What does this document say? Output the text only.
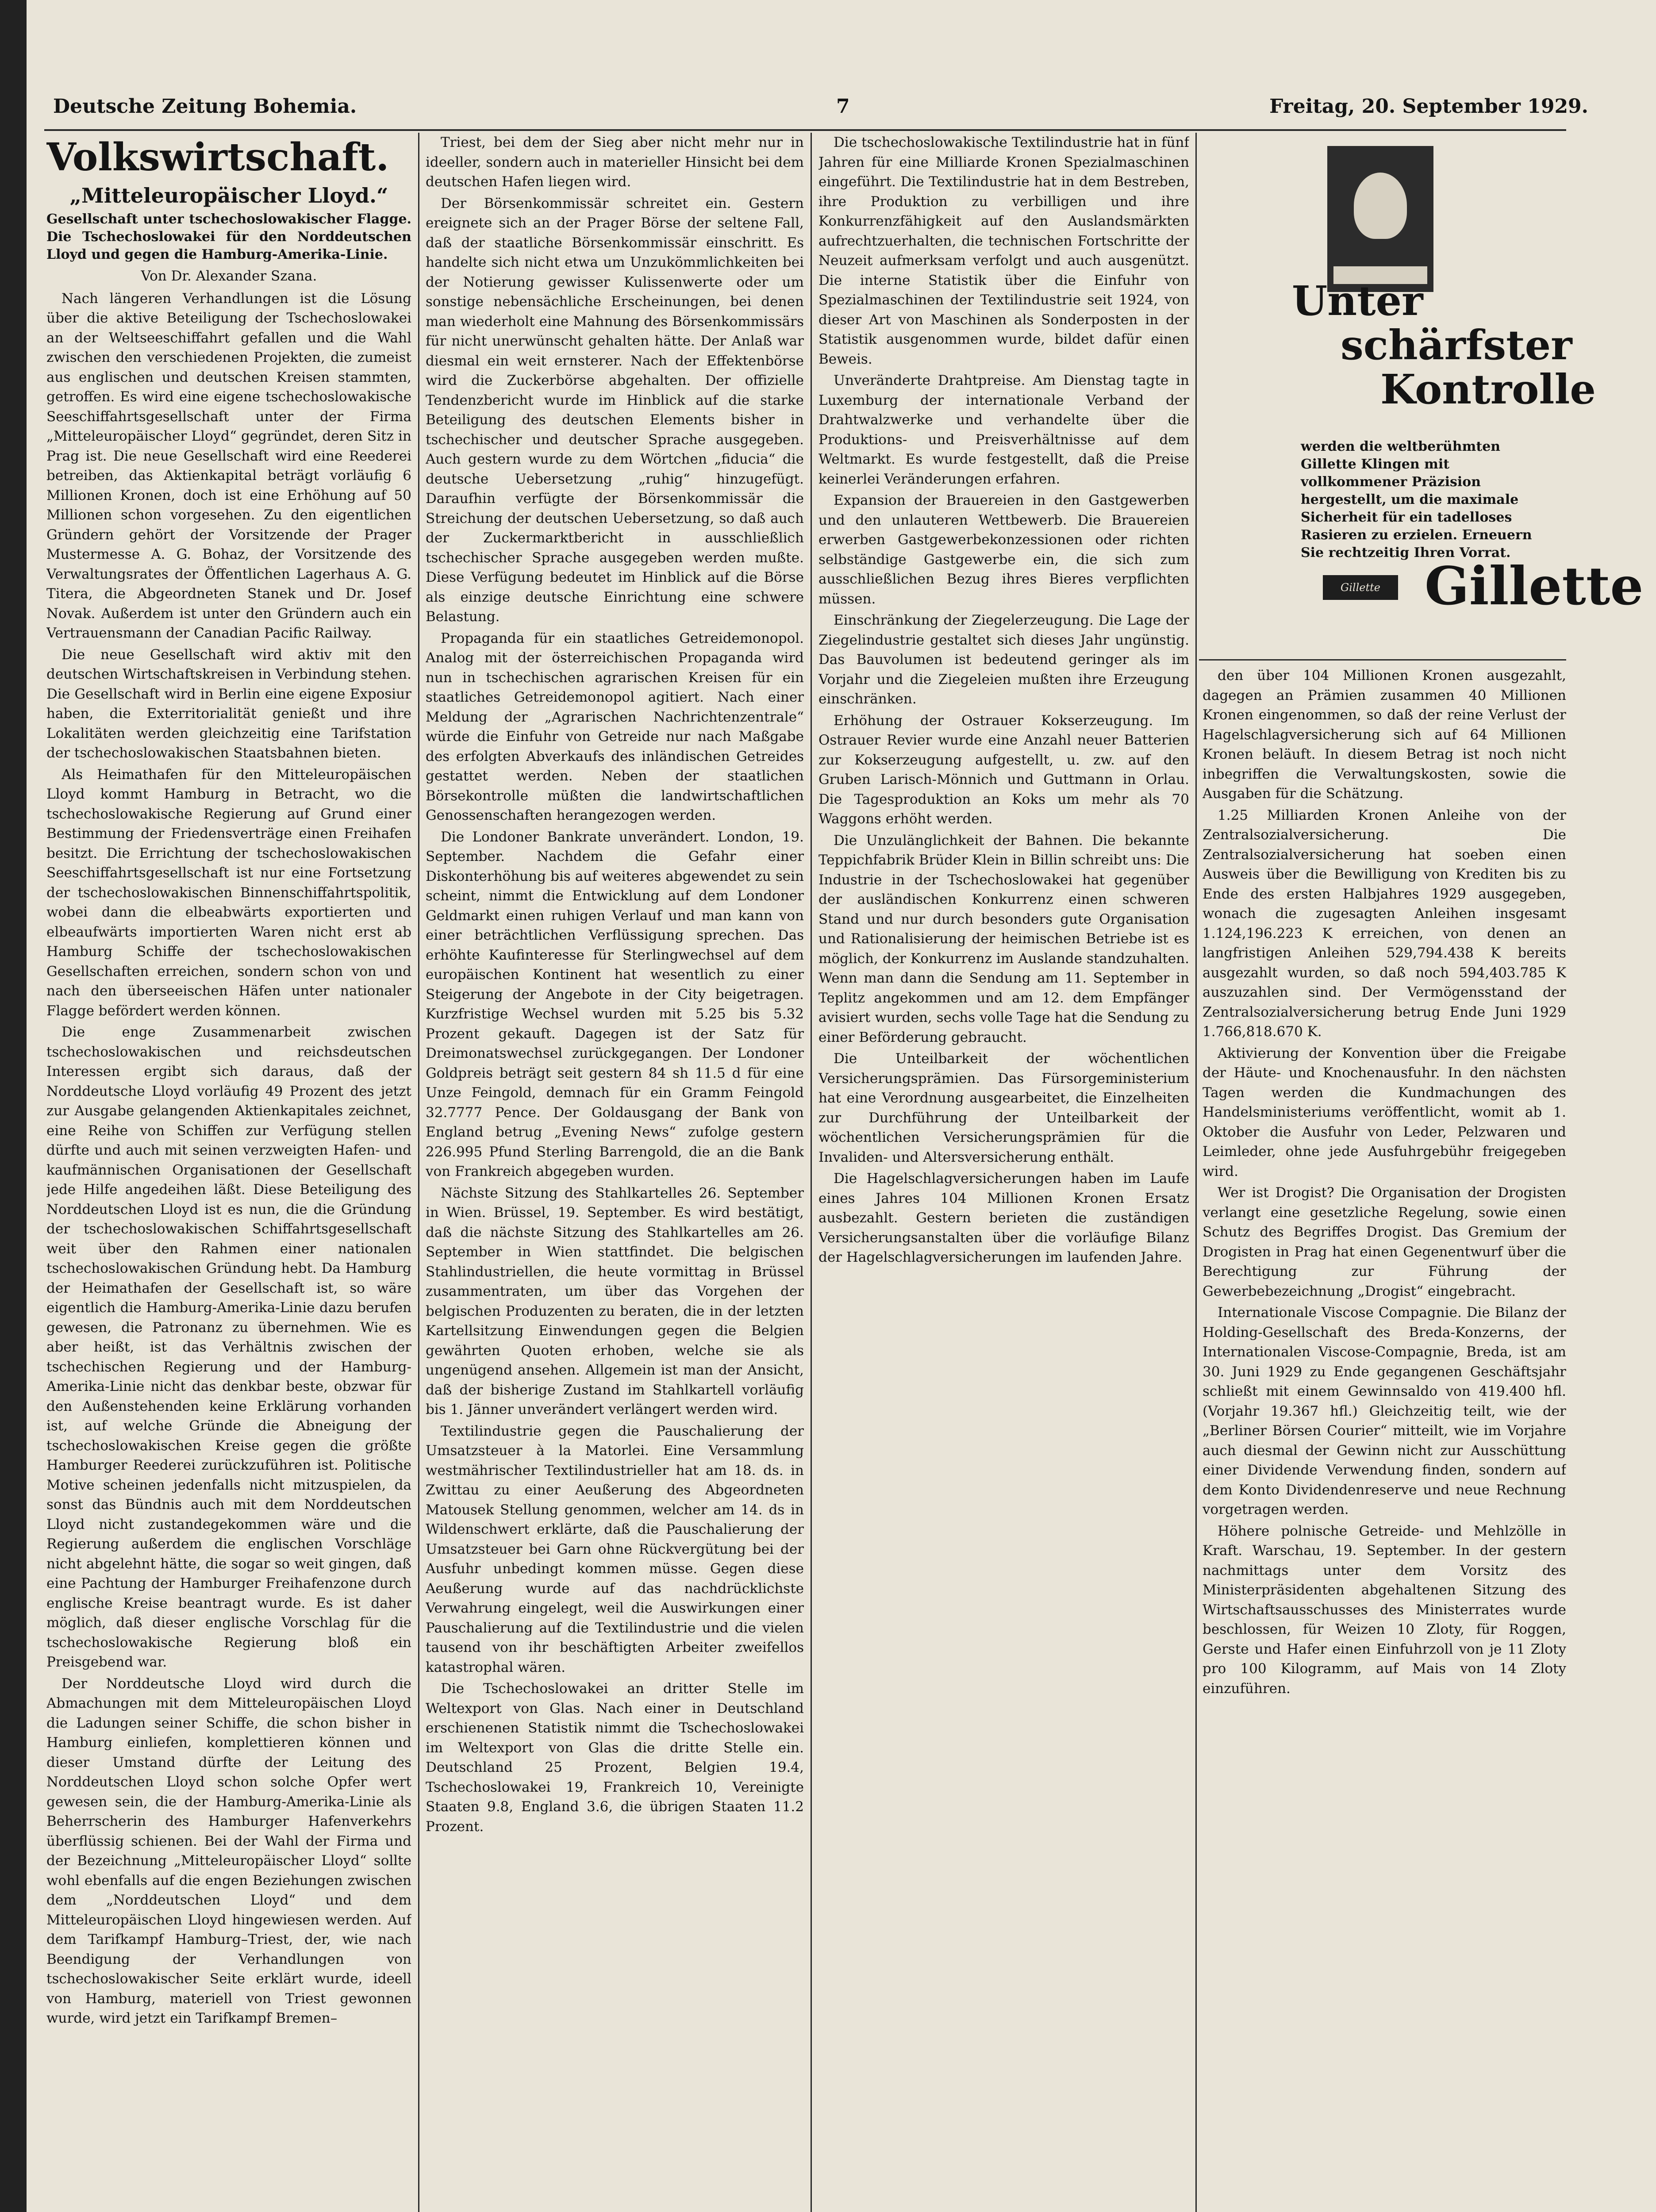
Deutsche Zeitung Bohemia.	7	Freitag, 20. September 1929.
Volkswirtschaft.
„Mitteleuropäischer Lloyd.“
Gesellschaft unter tschechoslowakischer Flagge. Die Tschechoslowakei für den Norddeutschen Lloyd und gegen die Hamburg-Amerika-Linie.
Von Dr. Alexander Szana.

Nach längeren Verhandlungen ist die Lösung über die aktive Beteiligung der Tschechoslowakei an der Weltseeschiffahrt gefallen und die Wahl zwischen den verschiedenen Projekten, die zumeist aus englischen und deutschen Kreisen stammten, getroffen. Es wird eine eigene tschechoslowakische Seeschiffahrtsgesellschaft unter der Firma „Mitteleuropäischer Lloyd“ gegründet, deren Sitz in Prag ist. Die neue Gesellschaft wird eine Reederei betreiben, das Aktienkapital beträgt vorläufig 6 Millionen Kronen, doch ist eine Erhöhung auf 50 Millionen schon vorgesehen. Zu den eigentlichen Gründern gehört der Vorsitzende der Prager Mustermesse A. G. Bohaz, der Vorsitzende des Verwaltungsrates der Öffentlichen Lagerhaus A. G. Titera, die Abgeordneten Stanek und Dr. Josef Novak. Außerdem ist unter den Gründern auch ein Vertrauensmann der Canadian Pacific Railway.

Die neue Gesellschaft wird aktiv mit den deutschen Wirtschaftskreisen in Verbindung stehen. Die Gesellschaft wird in Berlin eine eigene Exposiur haben, die Exterritorialität genießt und ihre Lokalitäten werden gleichzeitig eine Tarifstation der tschechoslowakischen Staatsbahnen bieten.

Als Heimathafen für den Mitteleuropäischen Lloyd kommt Hamburg in Betracht, wo die tschechoslowakische Regierung auf Grund einer Bestimmung der Friedensverträge einen Freihafen besitzt. Die Errichtung der tschechoslowakischen Seeschiffahrtsgesellschaft ist nur eine Fortsetzung der tschechoslowakischen Binnenschiffahrtspolitik, wobei dann die elbeabwärts exportierten und elbeaufwärts importierten Waren nicht erst ab Hamburg Schiffe der tschechoslowakischen Gesellschaften erreichen, sondern schon von und nach den überseeischen Häfen unter nationaler Flagge befördert werden können.

Die enge Zusammenarbeit zwischen tschechoslowakischen und reichsdeutschen Interessen ergibt sich daraus, daß der Norddeutsche Lloyd vorläufig 49 Prozent des jetzt zur Ausgabe gelangenden Aktienkapitales zeichnet, eine Reihe von Schiffen zur Verfügung stellen dürfte und auch mit seinen verzweigten Hafen- und kaufmännischen Organisationen der Gesellschaft jede Hilfe angedeihen läßt. Diese Beteiligung des Norddeutschen Lloyd ist es nun, die die Gründung der tschechoslowakischen Schiffahrtsgesellschaft weit über den Rahmen einer nationalen tschechoslowakischen Gründung hebt. Da Hamburg der Heimathafen der Gesellschaft ist, so wäre eigentlich die Hamburg-Amerika-Linie dazu berufen gewesen, die Patronanz zu übernehmen. Wie es aber heißt, ist das Verhältnis zwischen der tschechischen Regierung und der Hamburg-Amerika-Linie nicht das denkbar beste, obzwar für den Außenstehenden keine Erklärung vorhanden ist, auf welche Gründe die Abneigung der tschechoslowakischen Kreise gegen die größte Hamburger Reederei zurückzuführen ist. Politische Motive scheinen jedenfalls nicht mitzuspielen, da sonst das Bündnis auch mit dem Norddeutschen Lloyd nicht zustandegekommen wäre und die Regierung außerdem die englischen Vorschläge nicht abgelehnt hätte, die sogar so weit gingen, daß eine Pachtung der Hamburger Freihafenzone durch englische Kreise beantragt wurde. Es ist daher möglich, daß dieser englische Vorschlag für die tschechoslowakische Regierung bloß ein Preisgebend war.

Der Norddeutsche Lloyd wird durch die Abmachungen mit dem Mitteleuropäischen Lloyd die Ladungen seiner Schiffe, die schon bisher in Hamburg einliefen, komplettieren können und dieser Umstand dürfte der Leitung des Norddeutschen Lloyd schon solche Opfer wert gewesen sein, die der Hamburg-Amerika-Linie als Beherrscherin des Hamburger Hafenverkehrs überflüssig schienen. Bei der Wahl der Firma und der Bezeichnung „Mitteleuropäischer Lloyd“ sollte wohl ebenfalls auf die engen Beziehungen zwischen dem „Norddeutschen Lloyd“ und dem Mitteleuropäischen Lloyd hingewiesen werden. Auf dem Tarifkampf Hamburg–Triest, der, wie nach Beendigung der Verhandlungen von tschechoslowakischer Seite erklärt wurde, ideell von Hamburg, materiell von Triest gewonnen wurde, wird jetzt ein Tarifkampf Bremen–

Triest, bei dem der Sieg aber nicht mehr nur in ideeller, sondern auch in materieller Hinsicht bei dem deutschen Hafen liegen wird.

Der Börsenkommissär schreitet ein. Gestern ereignete sich an der Prager Börse der seltene Fall, daß der staatliche Börsenkommissär einschritt. Es handelte sich nicht etwa um Unzukömmlichkeiten bei der Notierung gewisser Kulissenwerte oder um sonstige nebensächliche Erscheinungen, bei denen man wiederholt eine Mahnung des Börsenkommissärs für nicht unerwünscht gehalten hätte. Der Anlaß war diesmal ein weit ernsterer. Nach der Effektenbörse wird die Zuckerbörse abgehalten. Der offizielle Tendenzbericht wurde im Hinblick auf die starke Beteiligung des deutschen Elements bisher in tschechischer und deutscher Sprache ausgegeben. Auch gestern wurde zu dem Wörtchen „fiducia“ die deutsche Uebersetzung „ruhig“ hinzugefügt. Daraufhin verfügte der Börsenkommissär die Streichung der deutschen Uebersetzung, so daß auch der Zuckermarktbericht in ausschließlich tschechischer Sprache ausgegeben werden mußte. Diese Verfügung bedeutet im Hinblick auf die Börse als einzige deutsche Einrichtung eine schwere Belastung.

Propaganda für ein staatliches Getreidemonopol. Analog mit der österreichischen Propaganda wird nun in tschechischen agrarischen Kreisen für ein staatliches Getreidemonopol agitiert. Nach einer Meldung der „Agrarischen Nachrichtenzentrale“ würde die Einfuhr von Getreide nur nach Maßgabe des erfolgten Abverkaufs des inländischen Getreides gestattet werden. Neben der staatlichen Börsekontrolle müßten die landwirtschaftlichen Genossenschaften herangezogen werden.

Die Londoner Bankrate unverändert. London, 19. September. Nachdem die Gefahr einer Diskonterhöhung bis auf weiteres abgewendet zu sein scheint, nimmt die Entwicklung auf dem Londoner Geldmarkt einen ruhigen Verlauf und man kann von einer beträchtlichen Verflüssigung sprechen. Das erhöhte Kaufinteresse für Sterlingwechsel auf dem europäischen Kontinent hat wesentlich zu einer Steigerung der Angebote in der City beigetragen. Kurzfristige Wechsel wurden mit 5.25 bis 5.32 Prozent gekauft. Dagegen ist der Satz für Dreimonatswechsel zurückgegangen. Der Londoner Goldpreis beträgt seit gestern 84 sh 11.5 d für eine Unze Feingold, demnach für ein Gramm Feingold 32.7777 Pence. Der Goldausgang der Bank von England betrug „Evening News“ zufolge gestern 226.995 Pfund Sterling Barrengold, die an die Bank von Frankreich abgegeben wurden.

Nächste Sitzung des Stahlkartelles 26. September in Wien. Brüssel, 19. September. Es wird bestätigt, daß die nächste Sitzung des Stahlkartelles am 26. September in Wien stattfindet. Die belgischen Stahlindustriellen, die heute vormittag in Brüssel zusammentraten, um über das Vorgehen der belgischen Produzenten zu beraten, die in der letzten Kartellsitzung Einwendungen gegen die Belgien gewährten Quoten erhoben, welche sie als ungenügend ansehen. Allgemein ist man der Ansicht, daß der bisherige Zustand im Stahlkartell vorläufig bis 1. Jänner unverändert verlängert werden wird.

Textilindustrie gegen die Pauschalierung der Umsatzsteuer à la Matorlei. Eine Versammlung westmährischer Textilindustrieller hat am 18. ds. in Zwittau zu einer Aeußerung des Abgeordneten Matousek Stellung genommen, welcher am 14. ds in Wildenschwert erklärte, daß die Pauschalierung der Umsatzsteuer bei Garn ohne Rückvergütung bei der Ausfuhr unbedingt kommen müsse. Gegen diese Aeußerung wurde auf das nachdrücklichste Verwahrung eingelegt, weil die Auswirkungen einer Pauschalierung auf die Textilindustrie und die vielen tausend von ihr beschäftigten Arbeiter zweifellos katastrophal wären.

Die Tschechoslowakei an dritter Stelle im Weltexport von Glas. Nach einer in Deutschland erschienenen Statistik nimmt die Tschechoslowakei im Weltexport von Glas die dritte Stelle ein. Deutschland 25 Prozent, Belgien 19.4, Tschechoslowakei 19, Frankreich 10, Vereinigte Staaten 9.8, England 3.6, die übrigen Staaten 11.2 Prozent.

Die tschechoslowakische Textilindustrie hat in fünf Jahren für eine Milliarde Kronen Spezialmaschinen eingeführt. Die Textilindustrie hat in dem Bestreben, ihre Produktion zu verbilligen und ihre Konkurrenzfähigkeit auf den Auslandsmärkten aufrechtzuerhalten, die technischen Fortschritte der Neuzeit aufmerksam verfolgt und auch ausgenützt. Die interne Statistik über die Einfuhr von Spezialmaschinen der Textilindustrie seit 1924, von dieser Art von Maschinen als Sonderposten in der Statistik ausgenommen wurde, bildet dafür einen Beweis.

Unveränderte Drahtpreise. Am Dienstag tagte in Luxemburg der internationale Verband der Drahtwalzwerke und verhandelte über die Produktions- und Preisverhältnisse auf dem Weltmarkt. Es wurde festgestellt, daß die Preise keinerlei Veränderungen erfahren.

Expansion der Brauereien in den Gastgewerben und den unlauteren Wettbewerb. Die Brauereien erwerben Gastgewerbekonzessionen oder richten selbständige Gastgewerbe ein, die sich zum ausschließlichen Bezug ihres Bieres verpflichten müssen.

Einschränkung der Ziegelerzeugung. Die Lage der Ziegelindustrie gestaltet sich dieses Jahr ungünstig. Das Bauvolumen ist bedeutend geringer als im Vorjahr und die Ziegeleien mußten ihre Erzeugung einschränken.

Erhöhung der Ostrauer Kokserzeugung. Im Ostrauer Revier wurde eine Anzahl neuer Batterien zur Kokserzeugung aufgestellt, u. zw. auf den Gruben Larisch-Mönnich und Guttmann in Orlau. Die Tagesproduktion an Koks um mehr als 70 Waggons erhöht werden.

Die Unzulänglichkeit der Bahnen. Die bekannte Teppichfabrik Brüder Klein in Billin schreibt uns: Die Industrie in der Tschechoslowakei hat gegenüber der ausländischen Konkurrenz einen schweren Stand und nur durch besonders gute Organisation und Rationalisierung der heimischen Betriebe ist es möglich, der Konkurrenz im Auslande standzuhalten. Wenn man dann die Sendung am 11. September in Teplitz angekommen und am 12. dem Empfänger avisiert wurden, sechs volle Tage hat die Sendung zu einer Beförderung gebraucht.

Die Unteilbarkeit der wöchentlichen Versicherungsprämien. Das Fürsorgeministerium hat eine Verordnung ausgearbeitet, die Einzelheiten zur Durchführung der Unteilbarkeit der wöchentlichen Versicherungsprämien für die Invaliden- und Altersversicherung enthält.

Die Hagelschlagversicherungen haben im Laufe eines Jahres 104 Millionen Kronen Ersatz ausbezahlt. Gestern berieten die zuständigen Versicherungsanstalten über die vorläufige Bilanz der Hagelschlagversicherungen im laufenden Jahre.

Unter
schärfster
Kontrolle
werden die weltberühmten Gillette Klingen mit vollkommener Präzision hergestellt, um die maximale Sicherheit für ein tadelloses Rasieren zu erzielen. Erneuern Sie rechtzeitig Ihren Vorrat.
Gillette Gillette

den über 104 Millionen Kronen ausgezahlt, dagegen an Prämien zusammen 40 Millionen Kronen eingenommen, so daß der reine Verlust der Hagelschlagversicherung sich auf 64 Millionen Kronen beläuft. In diesem Betrag ist noch nicht inbegriffen die Verwaltungskosten, sowie die Ausgaben für die Schätzung.

1.25 Milliarden Kronen Anleihe von der Zentralsozialversicherung. Die Zentralsozialversicherung hat soeben einen Ausweis über die Bewilligung von Krediten bis zu Ende des ersten Halbjahres 1929 ausgegeben, wonach die zugesagten Anleihen insgesamt 1.124,196.223 K erreichen, von denen an langfristigen Anleihen 529,794.438 K bereits ausgezahlt wurden, so daß noch 594,403.785 K auszuzahlen sind. Der Vermögensstand der Zentralsozialversicherung betrug Ende Juni 1929 1.766,818.670 K.

Aktivierung der Konvention über die Freigabe der Häute- und Knochenausfuhr. In den nächsten Tagen werden die Kundmachungen des Handelsministeriums veröffentlicht, womit ab 1. Oktober die Ausfuhr von Leder, Pelzwaren und Leimleder, ohne jede Ausfuhrgebühr freigegeben wird.

Wer ist Drogist? Die Organisation der Drogisten verlangt eine gesetzliche Regelung, sowie einen Schutz des Begriffes Drogist. Das Gremium der Drogisten in Prag hat einen Gegenentwurf über die Berechtigung zur Führung der Gewerbebezeichnung „Drogist“ eingebracht.

Internationale Viscose Compagnie. Die Bilanz der Holding-Gesellschaft des Breda-Konzerns, der Internationalen Viscose-Compagnie, Breda, ist am 30. Juni 1929 zu Ende gegangenen Geschäftsjahr schließt mit einem Gewinnsaldo von 419.400 hfl. (Vorjahr 19.367 hfl.) Gleichzeitig teilt, wie der „Berliner Börsen Courier“ mitteilt, wie im Vorjahre auch diesmal der Gewinn nicht zur Ausschüttung einer Dividende Verwendung finden, sondern auf dem Konto Dividendenreserve und neue Rechnung vorgetragen werden.

Höhere polnische Getreide- und Mehlzölle in Kraft. Warschau, 19. September. In der gestern nachmittags unter dem Vorsitz des Ministerpräsidenten abgehaltenen Sitzung des Wirtschaftsausschusses des Ministerrates wurde beschlossen, für Weizen 10 Zloty, für Roggen, Gerste und Hafer einen Einfuhrzoll von je 11 Zloty pro 100 Kilogramm, auf Mais von 14 Zloty einzuführen.
